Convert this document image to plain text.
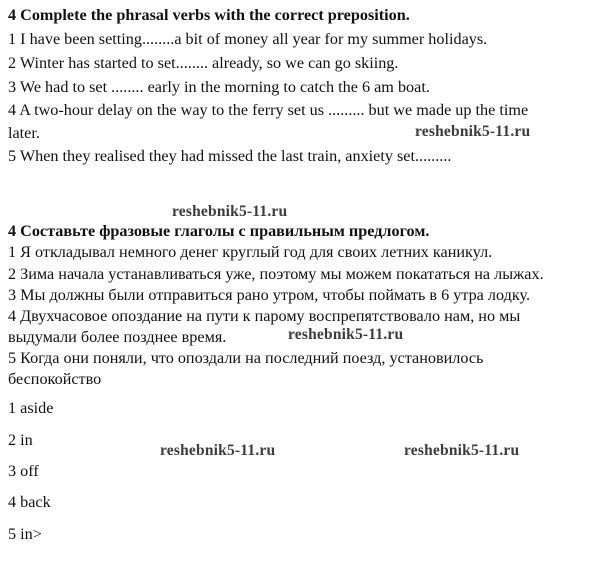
4 Complete the phrasal verbs with the correct preposition.
1 I have been setting........a bit of money all year for my summer holidays.
2 Winter has started to set........ already, so we can go skiing.
3 We had to set ........ early in the morning to catch the 6 am boat.
4 A two-hour delay on the way to the ferry set us ......... but we made up the time
later.
5 When they realised they had missed the last train, anxiety set.........
4 Составьте фразовые глаголы с правильным предлогом.
1 Я откладывал немного денег круглый год для своих летних каникул.
2 Зима начала устанавливаться уже, поэтому мы можем покататься на лыжах.
3 Мы должны были отправиться рано утром, чтобы поймать в 6 утра лодку.
4 Двухчасовое опоздание на пути к парому воспрепятствовало нам, но мы
выдумали более позднее время.
5 Когда они поняли, что опоздали на последний поезд, установилось
беспокойство
1 aside
2 in
3 off
4 back
5 in>
reshebnik5-11.ru
reshebnik5-11.ru
reshebnik5-11.ru
reshebnik5-11.ru	reshebnik5-11.ru
